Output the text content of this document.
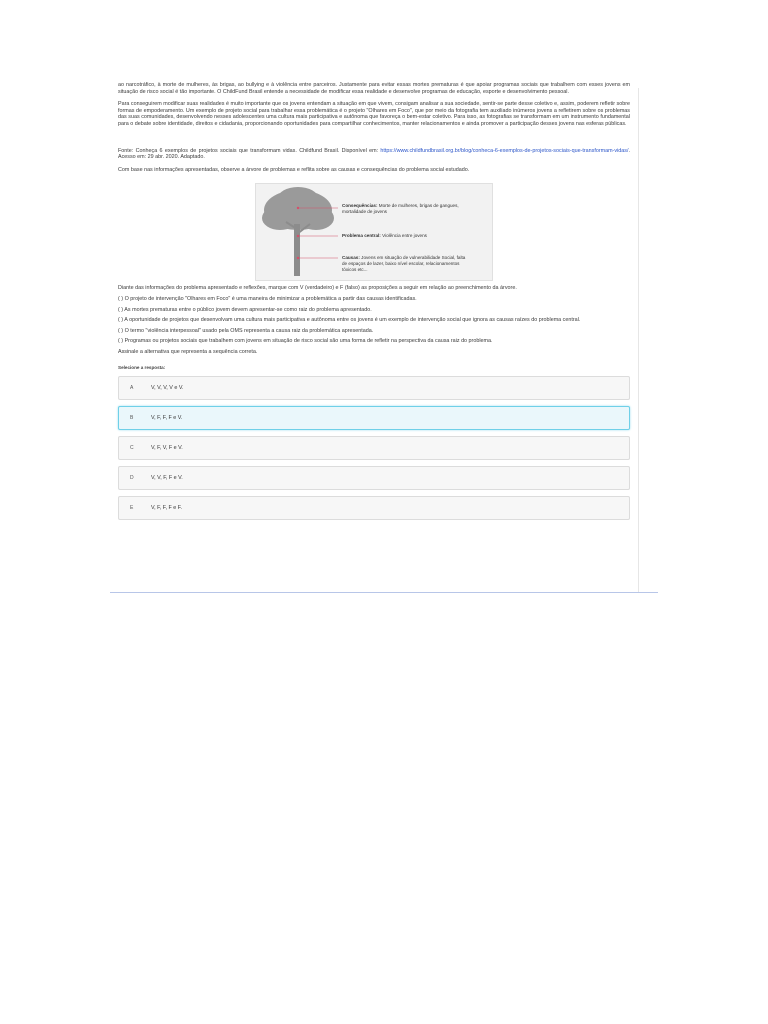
ao narcotráfico, à morte de mulheres, às brigas, ao bullying e à violência entre parceiros. Justamente para evitar essas mortes prematuras é que apoiar programas sociais que trabalhem com esses jovens em situação de risco social é tão importante. O ChildFund Brasil entende a necessidade de modificar essa realidade e desenvolve programas de educação, esporte e desenvolvimento pessoal.

Para conseguirem modificar suas realidades é muito importante que os jovens entendam a situação em que vivem, consigam analisar a sua sociedade, sentir-se parte desse coletivo e, assim, poderem refletir sobre formas de empoderamento. Um exemplo de projeto social para trabalhar essa problemática é o projeto "Olhares em Foco", que por meio da fotografia tem auxiliado inúmeros jovens a refletirem sobre os problemas das suas comunidades, desenvolvendo nesses adolescentes uma cultura mais participativa e autônoma que favoreça o bem-estar coletivo. Para isso, as fotografias se transformam em um instrumento fundamental para o debate sobre identidade, direitos e cidadania, proporcionando oportunidades para compartilhar conhecimentos, manter relacionamentos e ainda promover a participação desses jovens nas esferas públicas.

Fonte: Conheça 6 exemplos de projetos sociais que transformam vidas. Childfund Brasil. Disponível em: https://www.childfundbrasil.org.br/blog/conheca-6-exemplos-de-projetos-sociais-que-transformam-vidas/. Acesso em: 29 abr. 2020. Adaptado.

Com base nas informações apresentadas, observe a árvore de problemas e reflita sobre as causas e consequências do problema social estudado.

Consequências: Morte de mulheres, brigas de gangues, mortalidade de jovens
Problema central: Violência entre jovens
Causas: Jovens em situação de vulnerabilidade Social, falta de espaços de lazer, baixo nível escolar, relacionamentos tóxicos etc...

Diante das informações do problema apresentado e reflexões, marque com V (verdadeiro) e F (falso) as proposições a seguir em relação ao preenchimento da árvore.

( ) O projeto de intervenção "Olhares em Foco" é uma maneira de minimizar a problemática a partir das causas identificadas.

( ) As mortes prematuras entre o público jovem devem apresentar-se como raiz do problema apresentado.

( ) A oportunidade de projetos que desenvolvam uma cultura mais participativa e autônoma entre os jovens é um exemplo de intervenção social que ignora as causas raízes do problema central.

( ) O termo "violência interpessoal" usado pela OMS representa a causa raiz da problemática apresentada.

( ) Programas ou projetos sociais que trabalhem com jovens em situação de risco social são uma forma de refletir na perspectiva da causa raiz do problema.

Assinale a alternativa que representa a sequência correta.

Selecione a resposta:
A	V, V, V, V e V.
B	V, F, F, F e V.
C	V, F, V, F e V.
D	V, V, F, F e V.
E	V, F, F, F e F.
